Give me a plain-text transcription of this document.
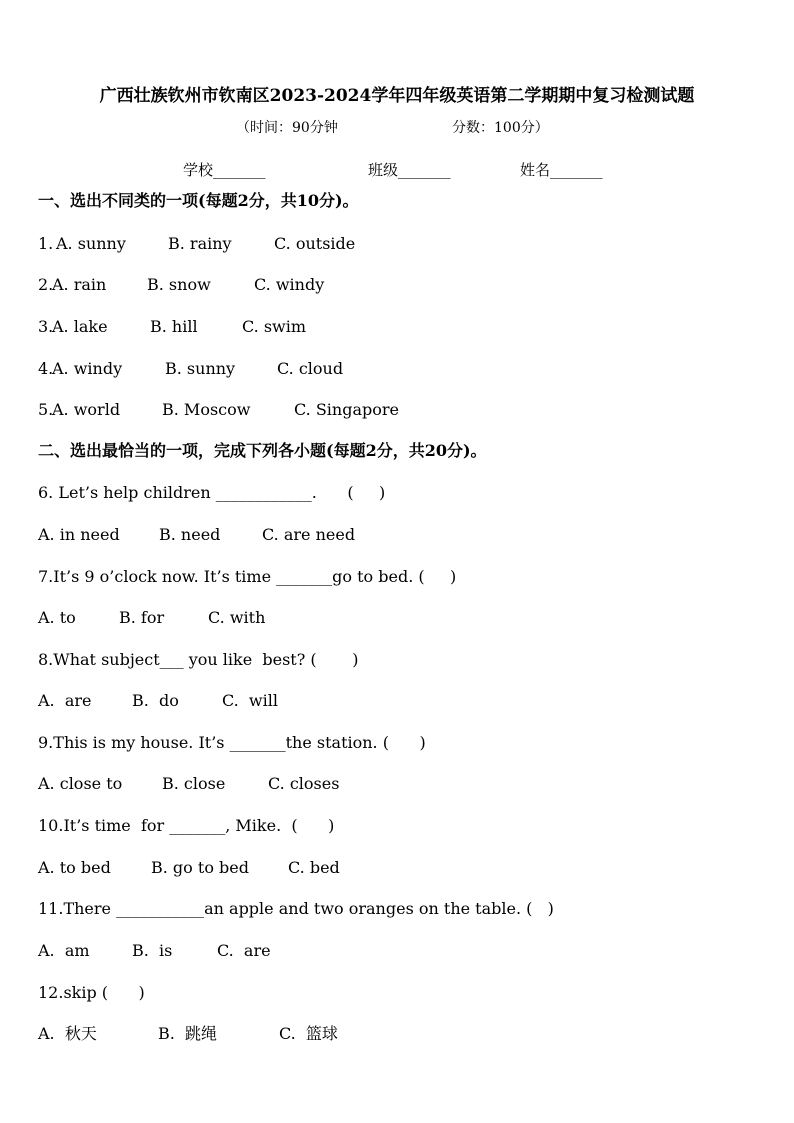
广西壮族钦州市钦南区2023-2024学年四年级英语第二学期期中复习检测试题
（时间：90分钟	分数：100分）
学校_______	班级_______	姓名_______
一、选出不同类的一项(每题2分，共10分)。
1.
A. sunny	B. rainy	C. outside
2.
A. rain	B. snow	C. windy
3.
A. lake	B. hill	C. swim
4.
A. windy	B. sunny	C. cloud
5.
A. world	B. Moscow	C. Singapore
二、选出最恰当的一项，完成下列各小题(每题2分，共20分)。
6. Let’s help children ____________.      (     )
A. in need B. need	C. are need
7.It’s 9 o’clock now. It’s time _______go to bed. (     )
A. to	B. for	C. with
8.What subject___ you like  best? (       )
A.  are	B.  do	C.  will
9.This is my house. It’s _______the station. (      )
A. close to B. close	C. closes
10.It’s time  for _______, Mike.  (      )
A. to bed	B. go to bed C. bed
11.There ___________an apple and two oranges on the table. (   )
A.  am	B.  is	C.  are
12.skip (      )
A.  秋天	B.  跳绳	C.  篮球
